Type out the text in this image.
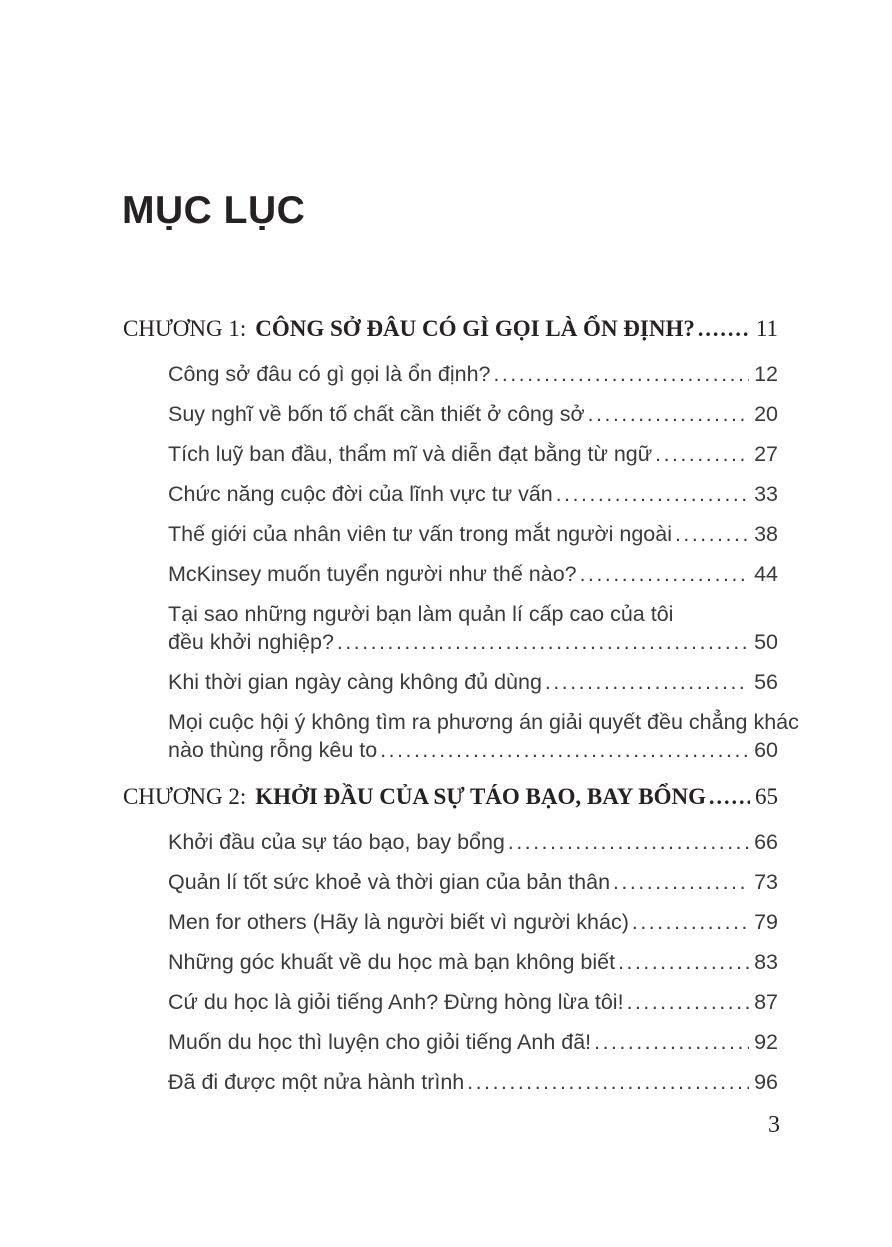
MỤC LỤC
CHƯƠNG 1: CÔNG SỞ ĐÂU CÓ GÌ GỌI LÀ ỔN ĐỊNH? .....	11
Công sở đâu có gì gọi là ổn định? .....	12
Suy nghĩ về bốn tố chất cần thiết ở công sở .....	20
Tích luỹ ban đầu, thẩm mĩ và diễn đạt bằng từ ngữ .....	27
Chức năng cuộc đời của lĩnh vực tư vấn .....	33
Thế giới của nhân viên tư vấn trong mắt người ngoài .....	38
McKinsey muốn tuyển người như thế nào? .....	44
Tại sao những người bạn làm quản lí cấp cao của tôi
đều khởi nghiệp? .....	50
Khi thời gian ngày càng không đủ dùng .....	56
Mọi cuộc hội ý không tìm ra phương án giải quyết đều chẳng khác
nào thùng rỗng kêu to .....	60
CHƯƠNG 2: KHỞI ĐẦU CỦA SỰ TÁO BẠO, BAY BỔNG ..... 65
Khởi đầu của sự táo bạo, bay bổng .....	66
Quản lí tốt sức khoẻ và thời gian của bản thân .....	73
Men for others (Hãy là người biết vì người khác) .....	79
Những góc khuất về du học mà bạn không biết .....	83
Cứ du học là giỏi tiếng Anh? Đừng hòng lừa tôi! .....	87
Muốn du học thì luyện cho giỏi tiếng Anh đã! .....	92
Đã đi được một nửa hành trình .....	96
3
